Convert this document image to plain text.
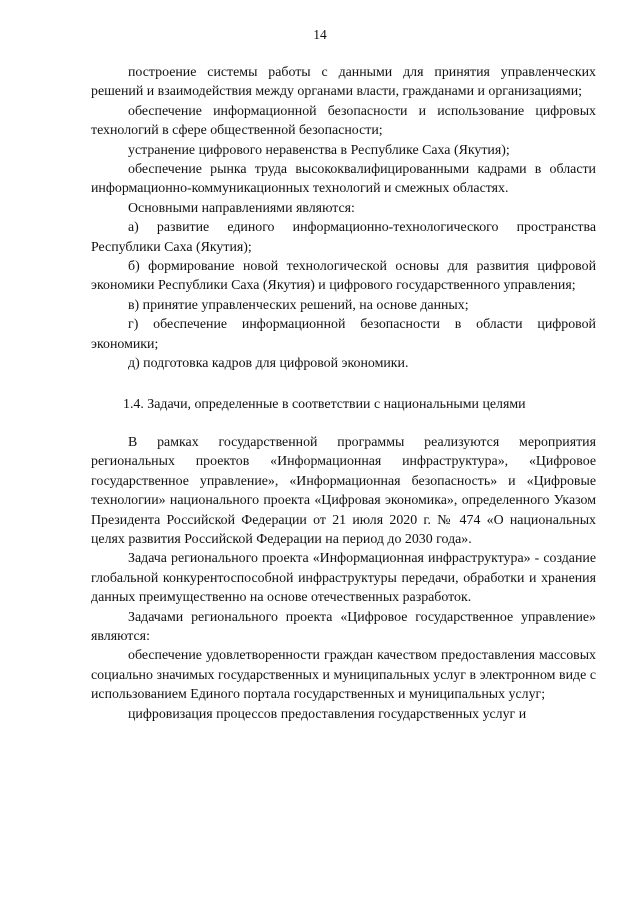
14

построение системы работы с данными для принятия управленческих решений и взаимодействия между органами власти, гражданами и организациями;

обеспечение информационной безопасности и использование цифровых технологий в сфере общественной безопасности;

устранение цифрового неравенства в Республике Саха (Якутия);

обеспечение рынка труда высококвалифицированными кадрами в области информационно-коммуникационных технологий и смежных областях.

Основными направлениями являются:

а) развитие единого информационно-технологического пространства Республики Саха (Якутия);

б) формирование новой технологической основы для развития цифровой экономики Республики Саха (Якутия) и цифрового государственного управления;

в) принятие управленческих решений, на основе данных;

г) обеспечение информационной безопасности в области цифровой экономики;

д) подготовка кадров для цифровой экономики.

1.4. Задачи, определенные в соответствии с национальными целями

В рамках государственной программы реализуются мероприятия региональных проектов «Информационная инфраструктура», «Цифровое государственное управление», «Информационная безопасность» и «Цифровые технологии» национального проекта «Цифровая экономика», определенного Указом Президента Российской Федерации от 21 июля 2020 г. № 474 «О национальных целях развития Российской Федерации на период до 2030 года».

Задача регионального проекта «Информационная инфраструктура» - создание глобальной конкурентоспособной инфраструктуры передачи, обработки и хранения данных преимущественно на основе отечественных разработок.

Задачами регионального проекта «Цифровое государственное управление» являются:

обеспечение удовлетворенности граждан качеством предоставления массовых социально значимых государственных и муниципальных услуг в электронном виде с использованием Единого портала государственных и муниципальных услуг;

цифровизация процессов предоставления государственных услуг и
